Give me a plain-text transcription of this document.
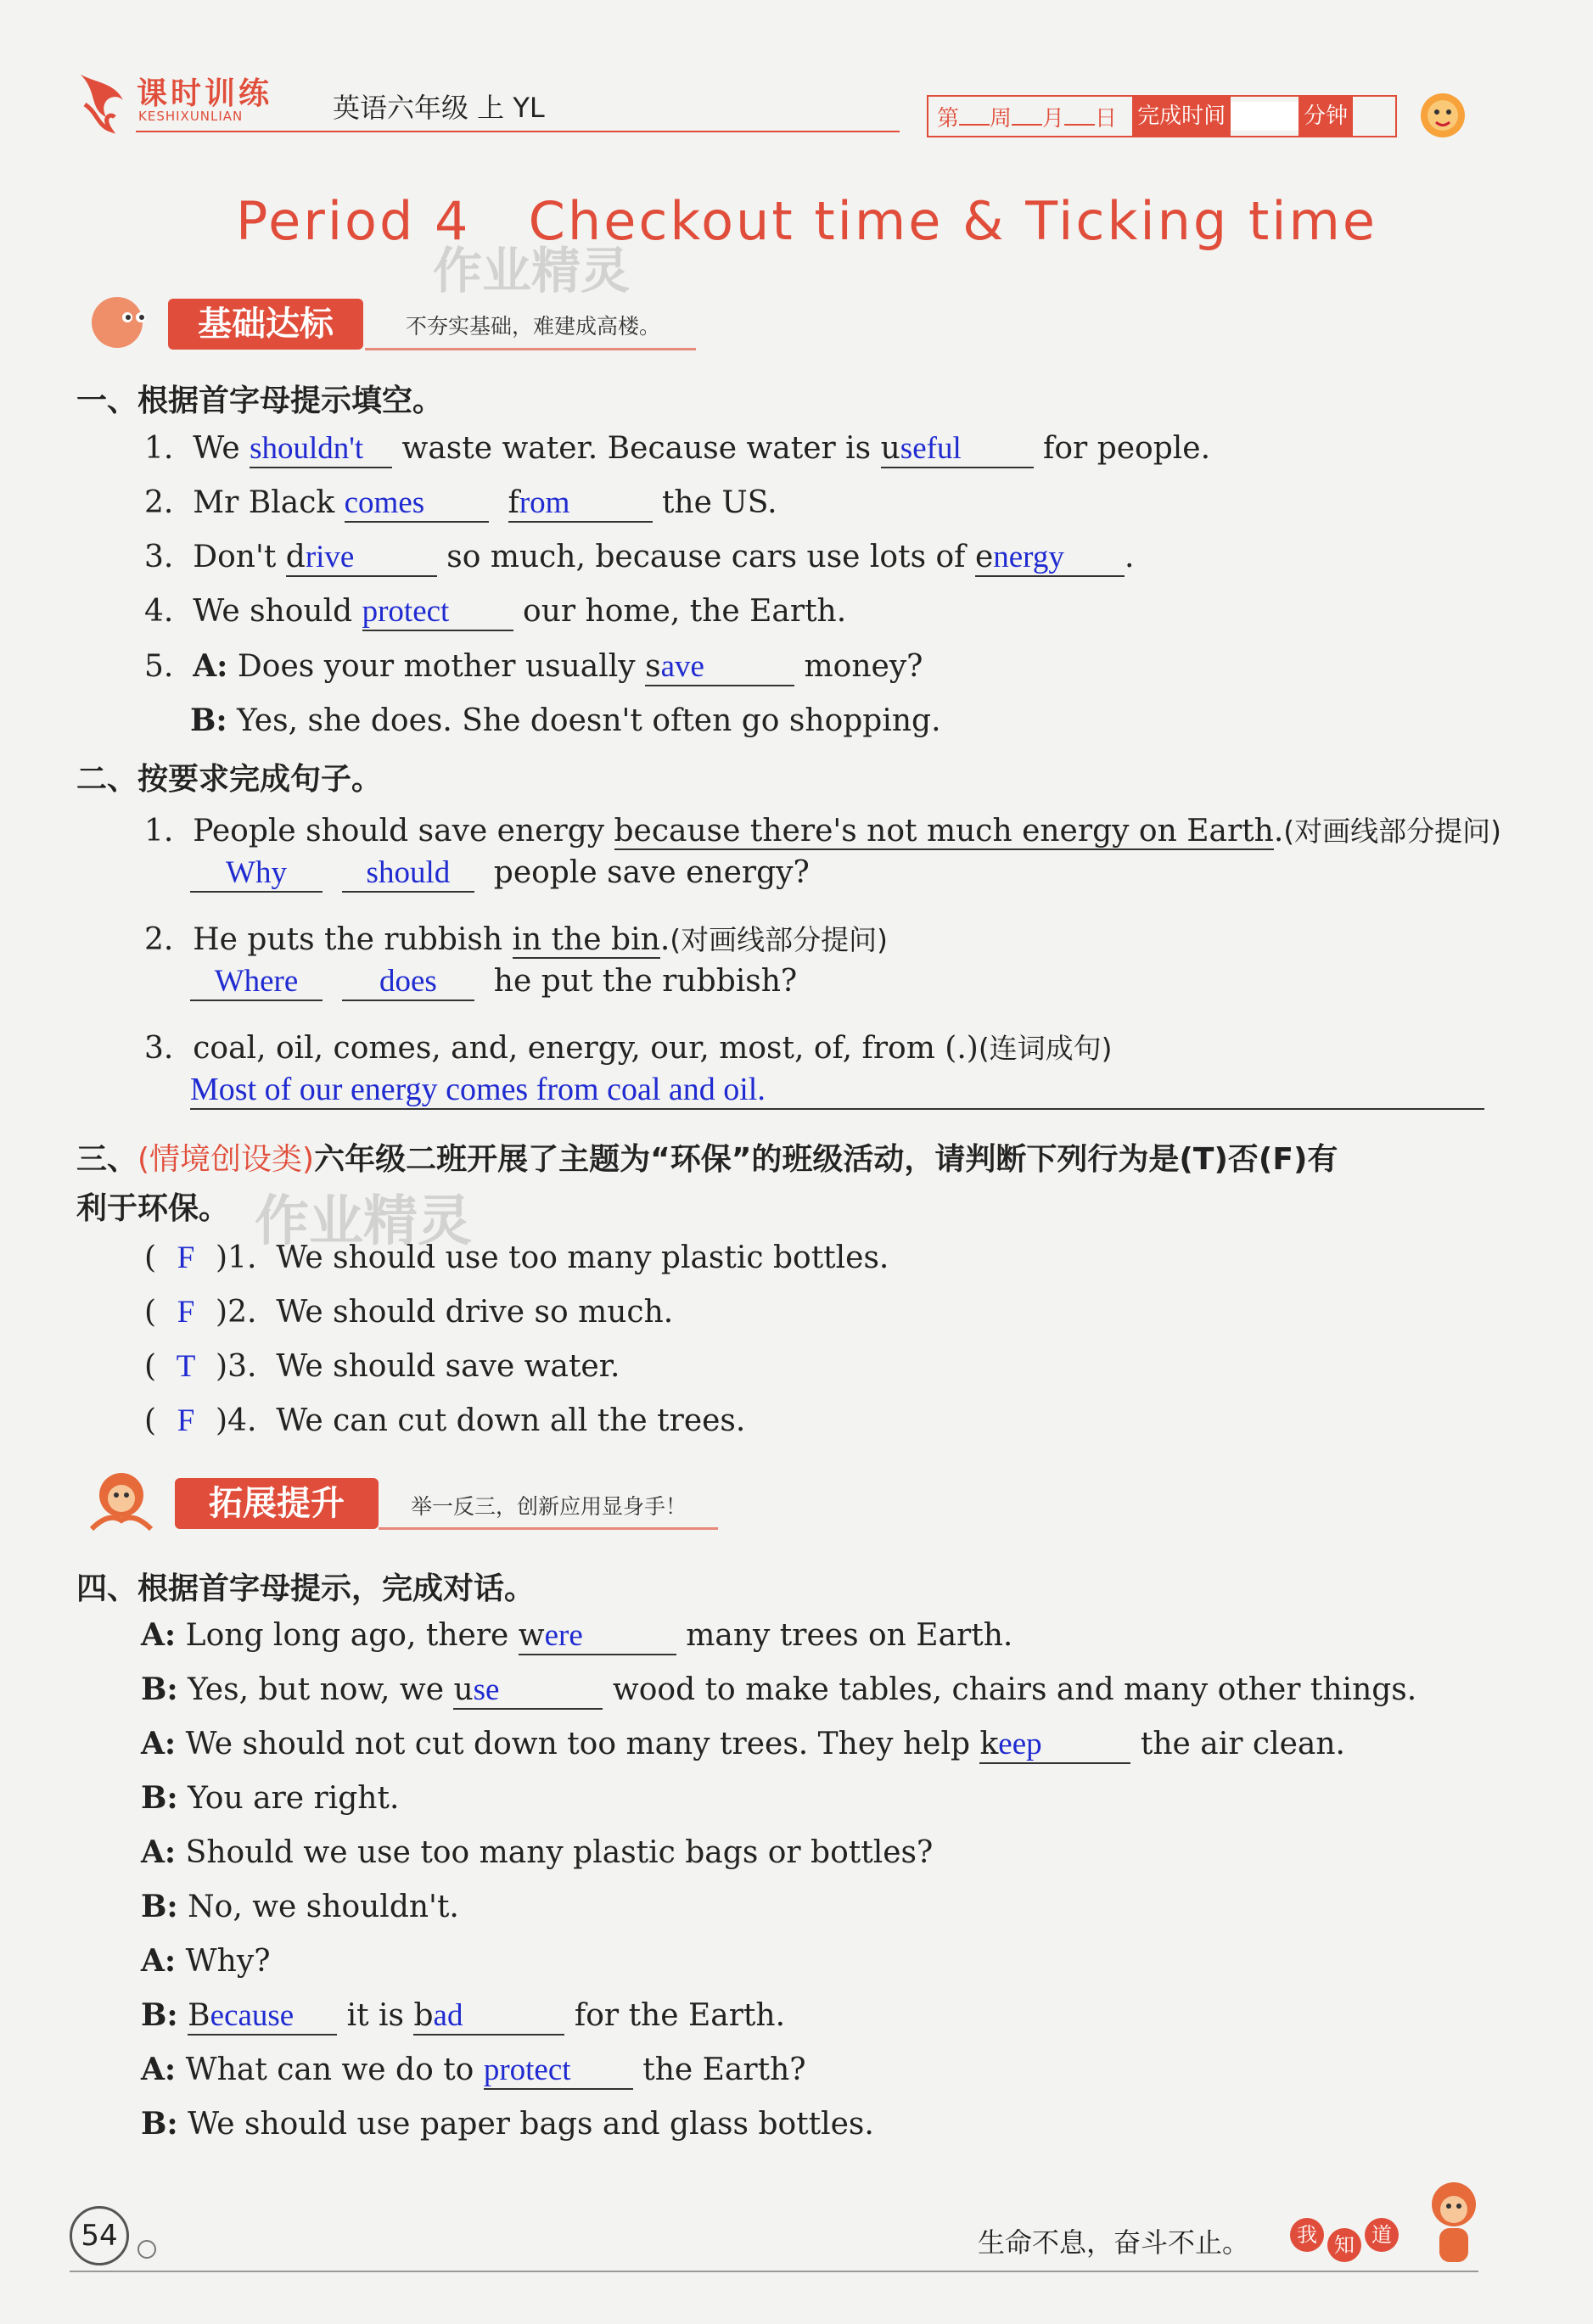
课时训练
KESHIXUNLIAN	英语六年级 上 YL	第 周 月 日 完成时间	分钟
Period 4   Checkout time & Ticking time
作业精灵
基础达标	不夯实基础，难建成高楼。
一、根据首字母提示填空。
1. We shouldn't waste water. Because water is useful for people.
2. Mr Black comes	from	the US.
3. Don't drive	so much, because cars use lots of energy .
4. We should protect our home, the Earth.
5. A: Does your mother usually save	money?
B: Yes, she does. She doesn't often go shopping.
二、按要求完成句子。
1. People should save energy because there's not much energy on Earth.(对画线部分提问)
Why	should people save energy?
2. He puts the rubbish in the bin.(对画线部分提问)
Where	does he put the rubbish?
3. coal, oil, comes, and, energy, our, most, of, from (.)(连词成句)
Most of our energy comes from coal and oil.
三、(情境创设类)六年级二班开展了主题为“环保”的班级活动，请判断下列行为是(T)否(F)有
利于环保。 作业精灵
( F )1.  We should use too many plastic bottles.
( F )2.  We should drive so much.
( T )3.  We should save water.
( F )4.  We can cut down all the trees.
拓展提升	举一反三，创新应用显身手！
四、根据首字母提示，完成对话。
A: Long long ago, there were	many trees on Earth.
B: Yes, but now, we use	wood to make tables, chairs and many other things.
A: We should not cut down too many trees. They help keep	the air clean.
B: You are right.
A: Should we use too many plastic bags or bottles?
B: No, we shouldn't.
A: Why?
B: Because it is bad	for the Earth.
A: What can we do to protect the Earth?
B: We should use paper bags and glass bottles.
54	生命不息，奋斗不止。	我 知 道
